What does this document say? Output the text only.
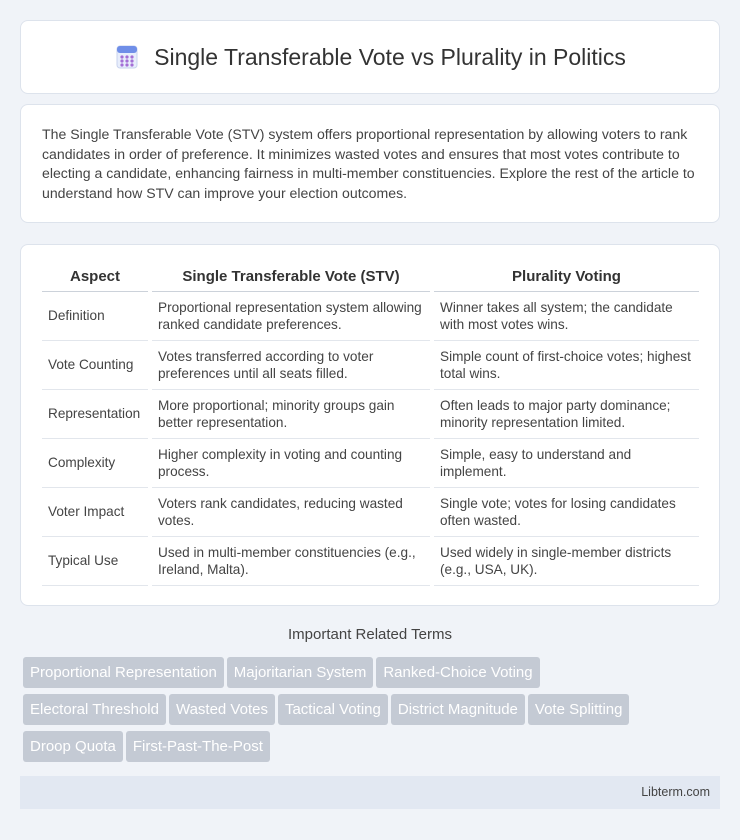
Single Transferable Vote vs Plurality in Politics

The Single Transferable Vote (STV) system offers proportional representation by allowing voters to rank candidates in order of preference. It minimizes wasted votes and ensures that most votes contribute to electing a candidate, enhancing fairness in multi-member constituencies. Explore the rest of the article to understand how STV can improve your election outcomes.

Aspect	Single Transferable Vote (STV)	Plurality Voting
Definition	Proportional representation system allowing ranked candidate preferences.	Winner takes all system; the candidate with most votes wins.
Vote Counting	Votes transferred according to voter preferences until all seats filled.	Simple count of first-choice votes; highest total wins.
Representation	More proportional; minority groups gain better representation.	Often leads to major party dominance; minority representation limited.
Complexity	Higher complexity in voting and counting process.	Simple, easy to understand and implement.
Voter Impact	Voters rank candidates, reducing wasted votes.	Single vote; votes for losing candidates often wasted.
Typical Use	Used in multi-member constituencies (e.g., Ireland, Malta).	Used widely in single-member districts (e.g., USA, UK).
Important Related Terms
Proportional Representation Majoritarian System Ranked-Choice Voting
Electoral Threshold Wasted Votes Tactical Voting District Magnitude Vote Splitting
Droop Quota First-Past-The-Post
Libterm.com
